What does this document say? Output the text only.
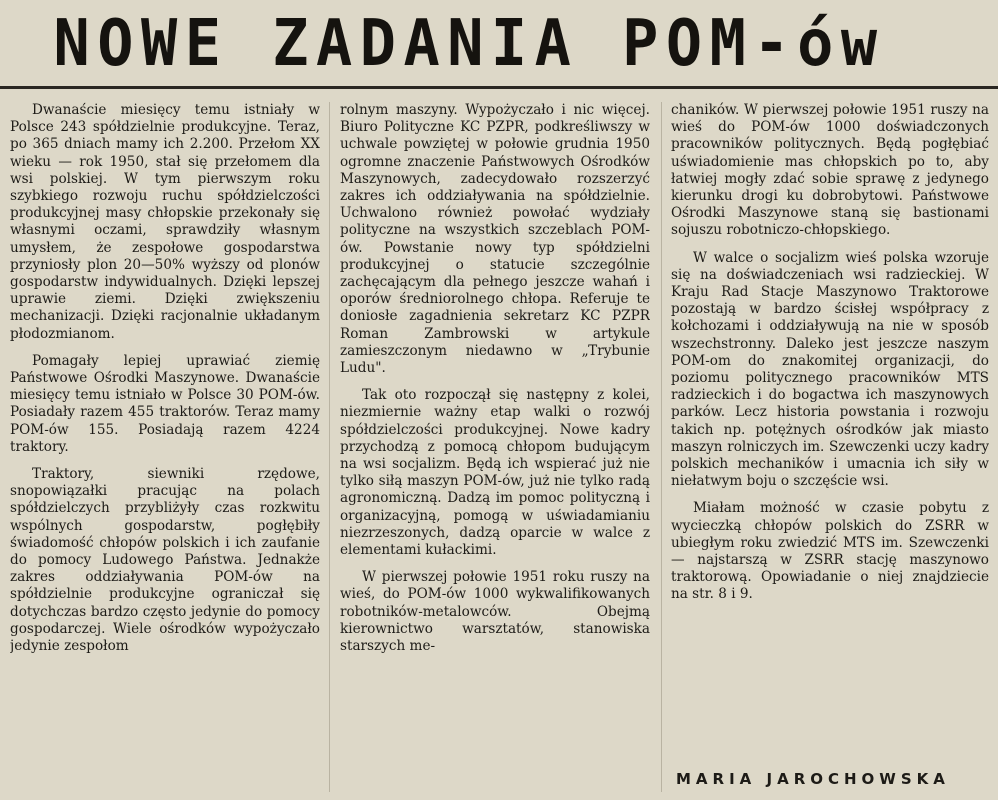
NOWE ZADANIA POM-ów

Dwanaście miesięcy temu istniały w Polsce 243 spółdzielnie produkcyjne. Teraz, po 365 dniach mamy ich 2.200. Przełom XX wieku — rok 1950, stał się przełomem dla wsi polskiej. W tym pierwszym roku szybkiego rozwoju ruchu spółdzielczości produkcyjnej masy chłopskie przekonały się własnymi oczami, sprawdziły własnym umysłem, że zespołowe gospodarstwa przyniosły plon 20—50% wyższy od plonów gospodarstw indywidualnych. Dzięki lepszej uprawie ziemi. Dzięki zwiększeniu mechanizacji. Dzięki racjonalnie układanym płodozmianom.

Pomagały lepiej uprawiać ziemię Państwowe Ośrodki Maszynowe. Dwanaście miesięcy temu istniało w Polsce 30 POM-ów. Posiadały razem 455 traktorów. Teraz mamy POM-ów 155. Posiadają razem 4224 traktory.

Traktory, siewniki rzędowe, snopowiązałki pracując na polach spółdzielczych przybliżyły czas rozkwitu wspólnych gospodarstw, pogłębiły świadomość chłopów polskich i ich zaufanie do pomocy Ludowego Państwa. Jednakże zakres oddziaływania POM-ów na spółdzielnie produkcyjne ograniczał się dotychczas bardzo często jedynie do pomocy gospodarczej. Wiele ośrodków wypożyczało jedynie zespołom

rolnym maszyny. Wypożyczało i nic więcej. Biuro Polityczne KC PZPR, podkreśliwszy w uchwale powziętej w połowie grudnia 1950 ogromne znaczenie Państwowych Ośrodków Maszynowych, zadecydowało rozszerzyć zakres ich oddziaływania na spółdzielnie. Uchwalono również powołać wydziały polityczne na wszystkich szczeblach POM-ów. Powstanie nowy typ spółdzielni produkcyjnej o statucie szczególnie zachęcającym dla pełnego jeszcze wahań i oporów średniorolnego chłopa. Referuje te doniosłe zagadnienia sekretarz KC PZPR Roman Zambrowski w artykule zamieszczonym niedawno w „Trybunie Ludu".

Tak oto rozpoczął się następny z kolei, niezmiernie ważny etap walki o rozwój spółdzielczości produkcyjnej. Nowe kadry przychodzą z pomocą chłopom budującym na wsi socjalizm. Będą ich wspierać już nie tylko siłą maszyn POM-ów, już nie tylko radą agronomiczną. Dadzą im pomoc polityczną i organizacyjną, pomogą w uświadamianiu niezrzeszonych, dadzą oparcie w walce z elementami kułackimi.

W pierwszej połowie 1951 roku ruszy na wieś, do POM-ów 1000 wykwalifikowanych robotników-metalowców. Obejmą kierownictwo warsztatów, stanowiska starszych me-

chaników. W pierwszej połowie 1951 ruszy na wieś do POM-ów 1000 doświadczonych pracowników politycznych. Będą pogłębiać uświadomienie mas chłopskich po to, aby łatwiej mogły zdać sobie sprawę z jedynego kierunku drogi ku dobrobytowi. Państwowe Ośrodki Maszynowe staną się bastionami sojuszu robotniczo-chłopskiego.

W walce o socjalizm wieś polska wzoruje się na doświadczeniach wsi radzieckiej. W Kraju Rad Stacje Maszynowo Traktorowe pozostają w bardzo ścisłej współpracy z kołchozami i oddziaływują na nie w sposób wszechstronny. Daleko jest jeszcze naszym POM-om do znakomitej organizacji, do poziomu politycznego pracowników MTS radzieckich i do bogactwa ich maszynowych parków. Lecz historia powstania i rozwoju takich np. potężnych ośrodków jak miasto maszyn rolniczych im. Szewczenki uczy kadry polskich mechaników i umacnia ich siły w niełatwym boju o szczęście wsi.

Miałam możność w czasie pobytu z wycieczką chłopów polskich do ZSRR w ubiegłym roku zwiedzić MTS im. Szewczenki — najstarszą w ZSRR stację maszynowo traktorową. Opowiadanie o niej znajdziecie na str. 8 i 9.

MARIA JAROCHOWSKA
